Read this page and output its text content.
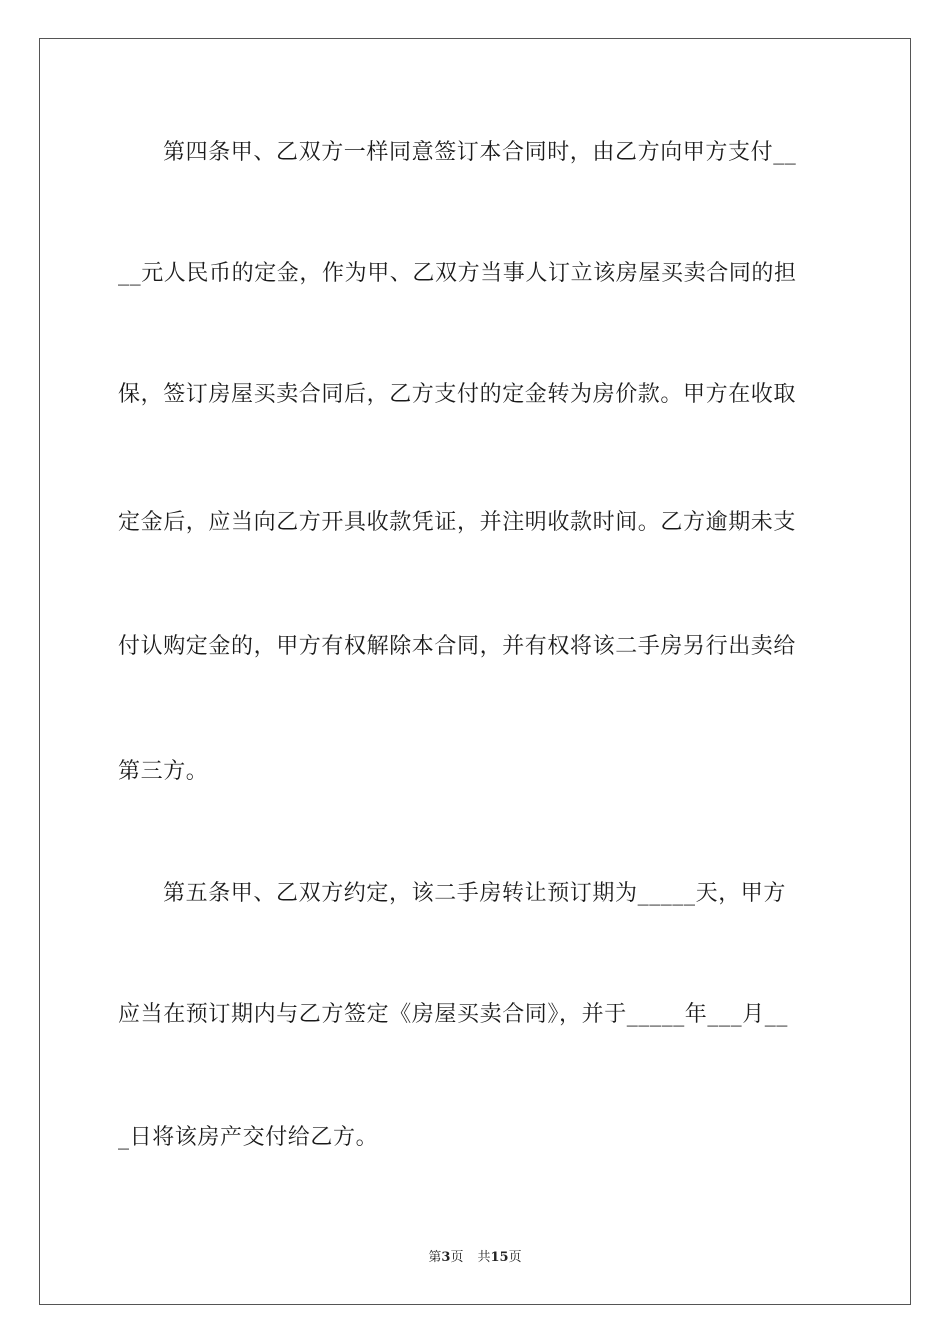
第四条甲、乙双方一样同意签订本合同时，由乙方向甲方支付__

__元人民币的定金，作为甲、乙双方当事人订立该房屋买卖合同的担

保，签订房屋买卖合同后，乙方支付的定金转为房价款。甲方在收取

定金后，应当向乙方开具收款凭证，并注明收款时间。乙方逾期未支

付认购定金的，甲方有权解除本合同，并有权将该二手房另行出卖给

第三方。

第五条甲、乙双方约定，该二手房转让预订期为_____天，甲方

应当在预订期内与乙方签定《房屋买卖合同》，并于_____年___月__

_日将该房产交付给乙方。

第3页 共15页
